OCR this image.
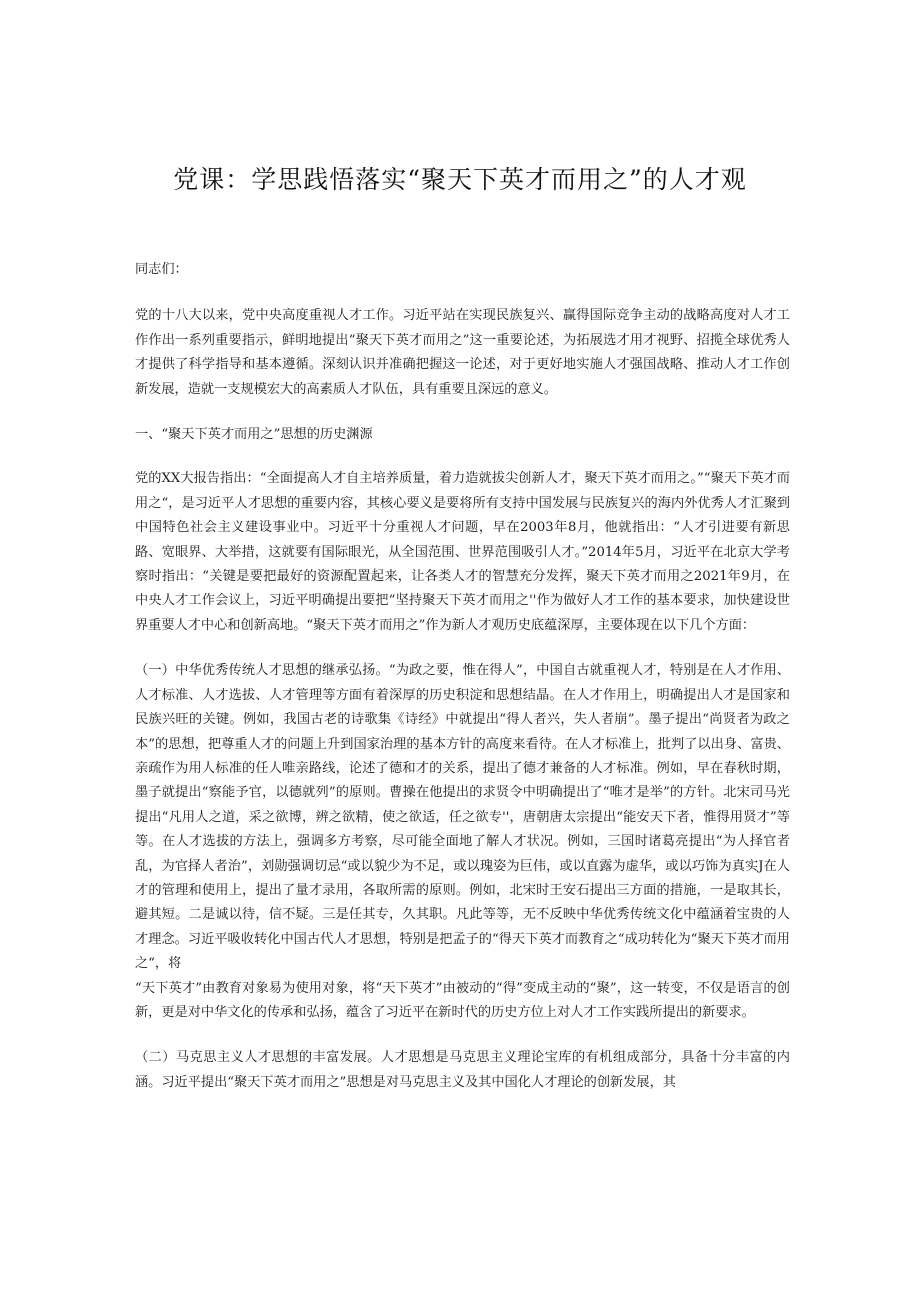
党课：学思践悟落实“聚天下英才而用之”的人才观

同志们：

党的十八大以来，党中央高度重视人才工作。习近平站在实现民族复兴、赢得国际竞争主动的战略高度对人才工作作出一系列重要指示，鲜明地提出“聚天下英才而用之”这一重要论述，为拓展选才用才视野、招揽全球优秀人才提供了科学指导和基本遵循。深刻认识并准确把握这一论述，对于更好地实施人才强国战略、推动人才工作创新发展，造就一支规模宏大的高素质人才队伍，具有重要且深远的意义。

一、“聚天下英才而用之”思想的历史渊源

党的XX大报告指出：“全面提高人才自主培养质量，着力造就拔尖创新人才，聚天下英才而用之。”“聚天下英才而用之“，是习近平人才思想的重要内容，其核心要义是要将所有支持中国发展与民族复兴的海内外优秀人才汇聚到中国特色社会主义建设事业中。习近平十分重视人才问题，早在2003年8月，他就指出：“人才引进要有新思路、宽眼界、大举措，这就要有国际眼光，从全国范围、世界范围吸引人才。”2014年5月，习近平在北京大学考察时指出：“关键是要把最好的资源配置起来，让各类人才的智慧充分发挥，聚天下英才而用之2021年9月，在中央人才工作会议上，习近平明确提出要把“坚持聚天下英才而用之''作为做好人才工作的基本要求，加快建设世界重要人才中心和创新高地。“聚天下英才而用之”作为新人才观历史底蕴深厚，主要体现在以下几个方面：

（一）中华优秀传统人才思想的继承弘扬。“为政之要，惟在得人”，中国自古就重视人才，特别是在人才作用、人才标准、人才选拔、人才管理等方面有着深厚的历史积淀和思想结晶。在人才作用上，明确提出人才是国家和民族兴旺的关键。例如，我国古老的诗歌集《诗经》中就提出“得人者兴，失人者崩”。墨子提出“尚贤者为政之本”的思想，把尊重人才的问题上升到国家治理的基本方针的高度来看待。在人才标准上，批判了以出身、富贵、亲疏作为用人标准的任人唯亲路线，论述了德和才的关系，提出了德才兼备的人才标准。例如，早在春秋时期，墨子就提出“察能予官，以德就列”的原则。曹操在他提出的求贤令中明确提出了“唯才是举”的方针。北宋司马光提出“凡用人之道，采之欲博，辨之欲精，使之欲适，任之欲专''，唐朝唐太宗提出“能安天下者，惟得用贤才”等等。在人才选拔的方法上，强调多方考察，尽可能全面地了解人才状况。例如，三国时诸葛亮提出“为人择官者乱，为官择人者治”，刘勋强调切忌“或以貌少为不足，或以瑰姿为巨伟，或以直露为虚华，或以巧饰为真实J在人才的管理和使用上，提出了量才录用，各取所需的原则。例如，北宋时王安石提出三方面的措施，一是取其长，避其短。二是诚以待，信不疑。三是任其专，久其职。凡此等等，无不反映中华优秀传统文化中蕴涵着宝贵的人才理念。习近平吸收转化中国古代人才思想，特别是把孟子的“得天下英才而教育之“成功转化为“聚天下英才而用之“，将

“天下英才”由教育对象易为使用对象，将“天下英才”由被动的“得”变成主动的“聚”，这一转变，不仅是语言的创新，更是对中华文化的传承和弘扬，蕴含了习近平在新时代的历史方位上对人才工作实践所提出的新要求。

（二）马克思主义人才思想的丰富发展。人才思想是马克思主义理论宝库的有机组成部分，具备十分丰富的内涵。习近平提出“聚天下英才而用之”思想是对马克思主义及其中国化人才理论的创新发展，其
